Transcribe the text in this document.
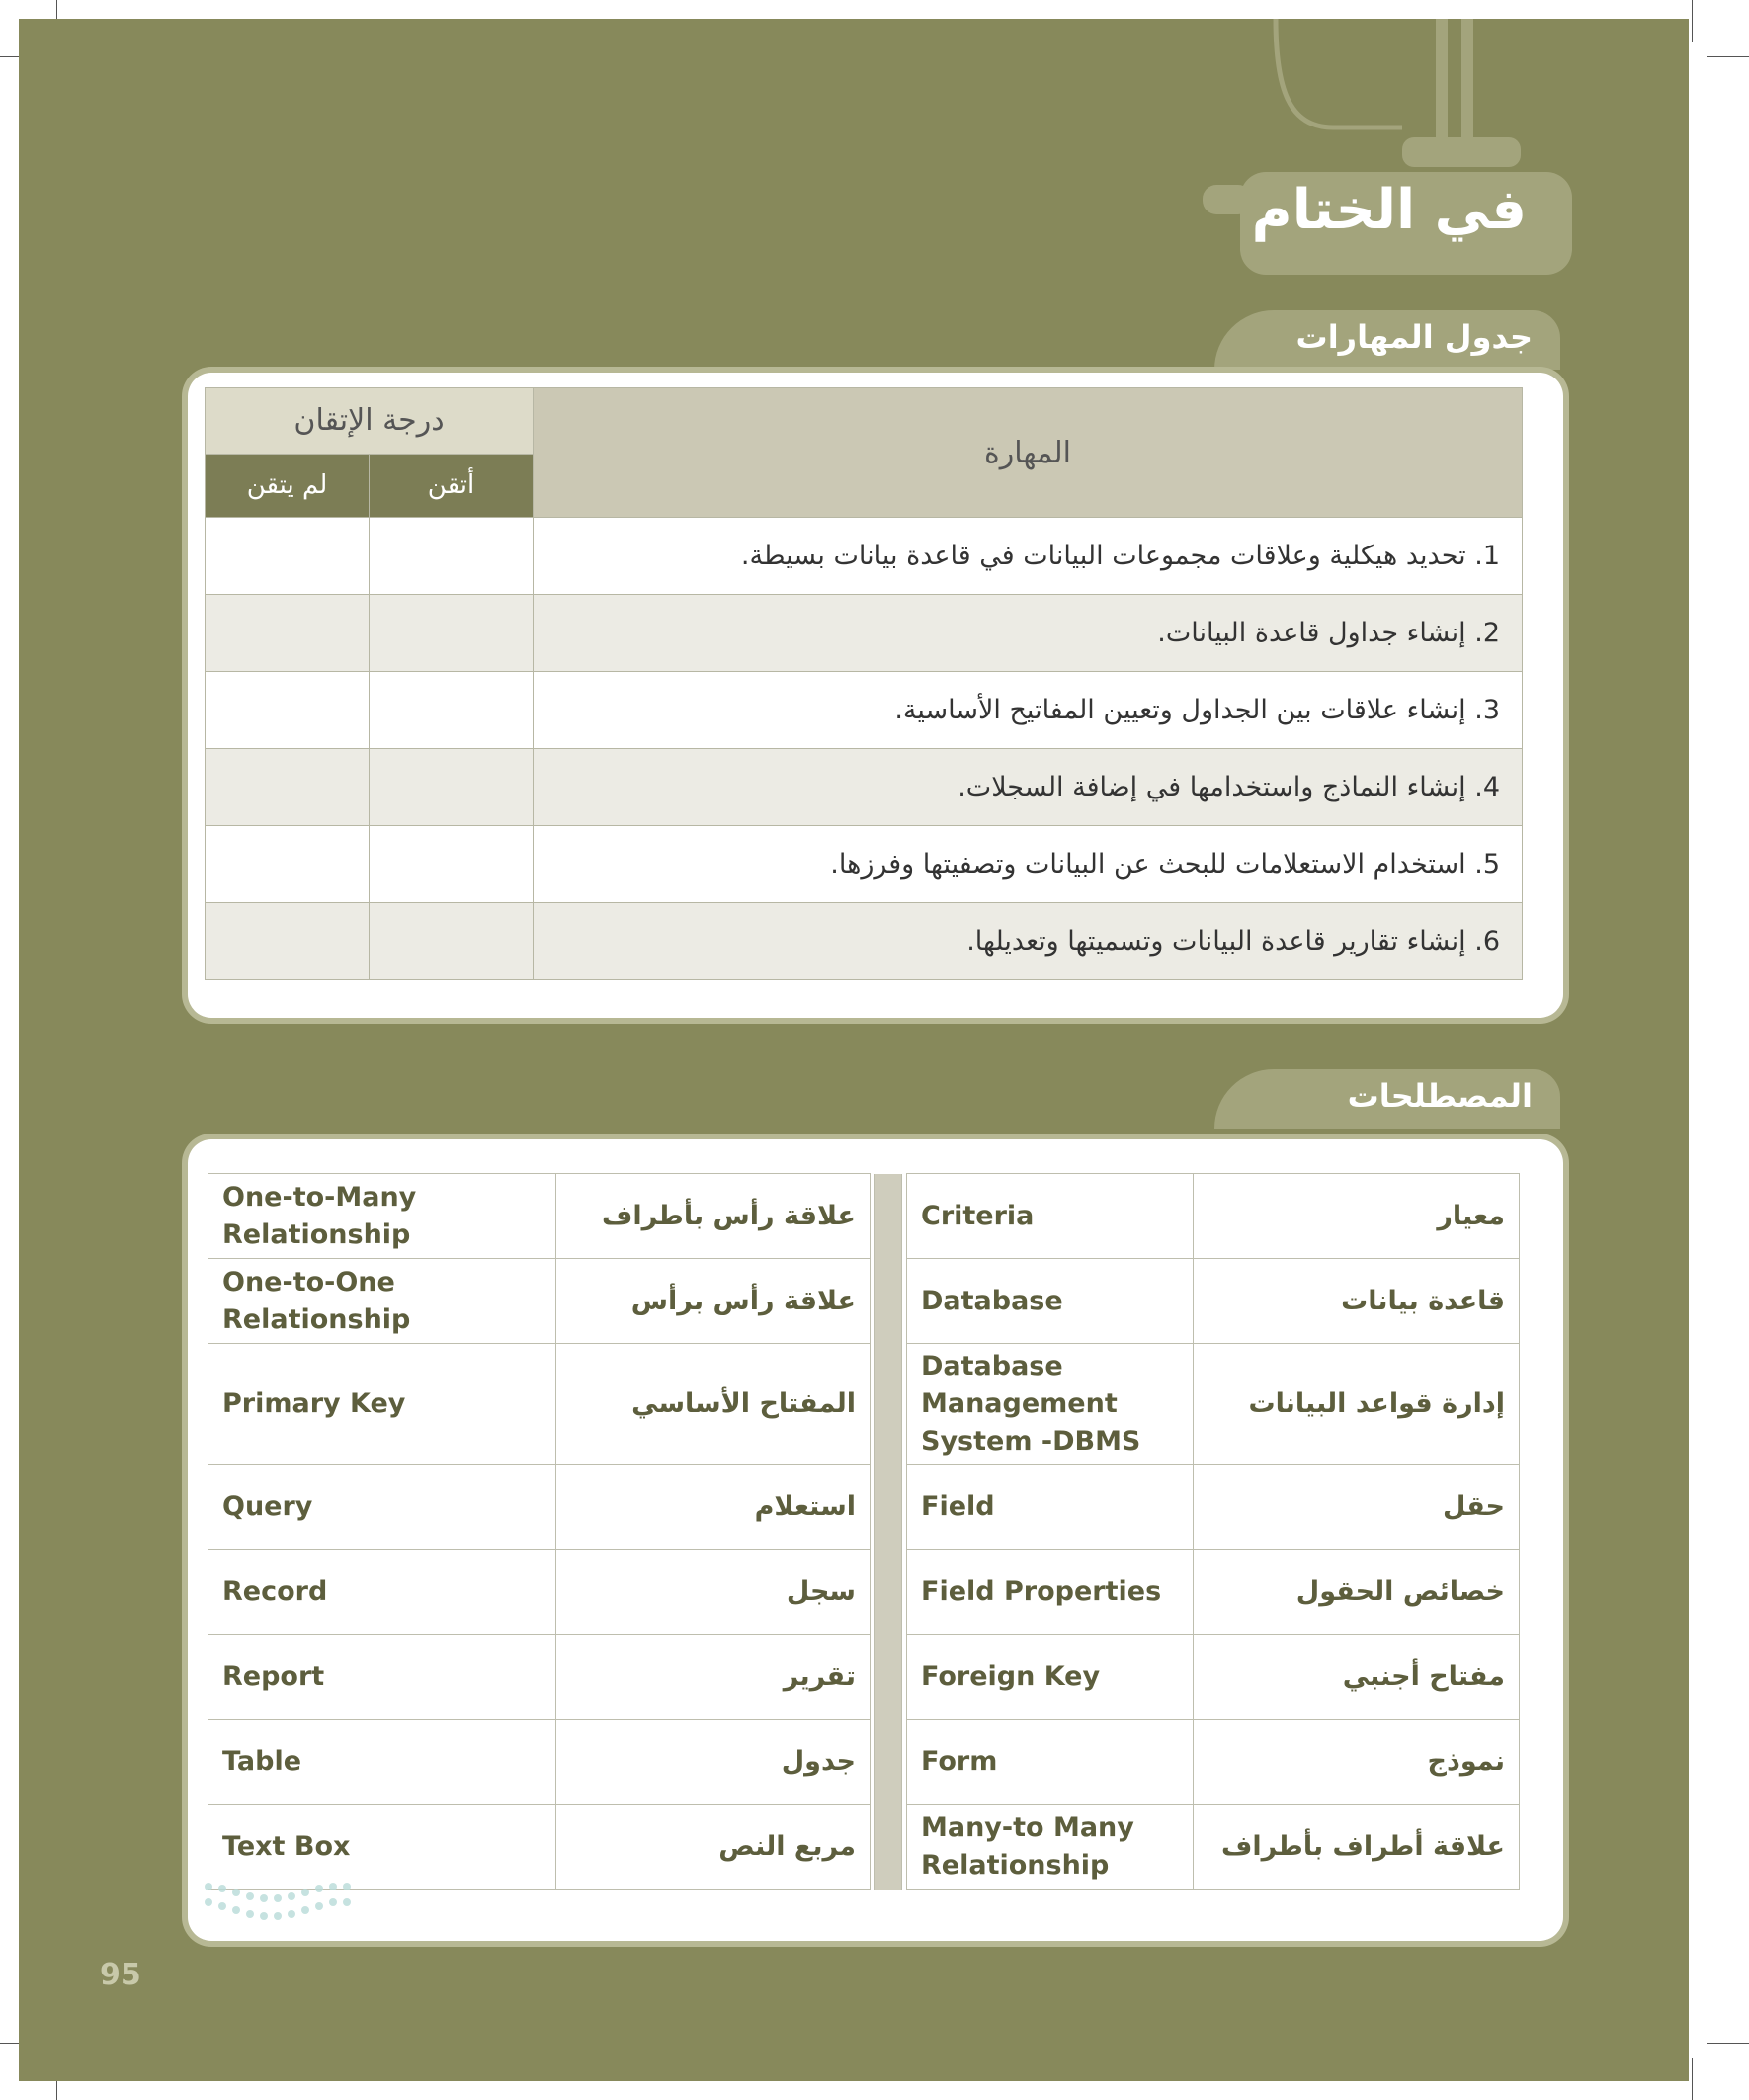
في الختام
جدول المهارات
المهارة	درجة الإتقان	
	أتقن	لم يتقن
1. تحديد هيكلية وعلاقات مجموعات البيانات في قاعدة بيانات بسيطة.		
2. إنشاء جداول قاعدة البيانات.		
3. إنشاء علاقات بين الجداول وتعيين المفاتيح الأساسية.		
4. إنشاء النماذج واستخدامها في إضافة السجلات.		
5. استخدام الاستعلامات للبحث عن البيانات وتصفيتها وفرزها.		
6. إنشاء تقارير قاعدة البيانات وتسميتها وتعديلها.		
المصطلحات
One-to-Many Relationship	علاقة رأس بأطراف				Criteria	معيار
One-to-One Relationship	علاقة رأس برأس				Database	قاعدة بيانات
Primary Key	المفتاح الأساسي				Database Management System -DBMS	إدارة قواعد البيانات
Query	استعلام				Field	حقل
Record	سجل				Field Properties	خصائص الحقول
Report	تقرير				Foreign Key	مفتاح أجنبي
Table	جدول				Form	نموذج
Text Box	مربع النص				Many-to Many Relationship	علاقة أطراف بأطراف
95
